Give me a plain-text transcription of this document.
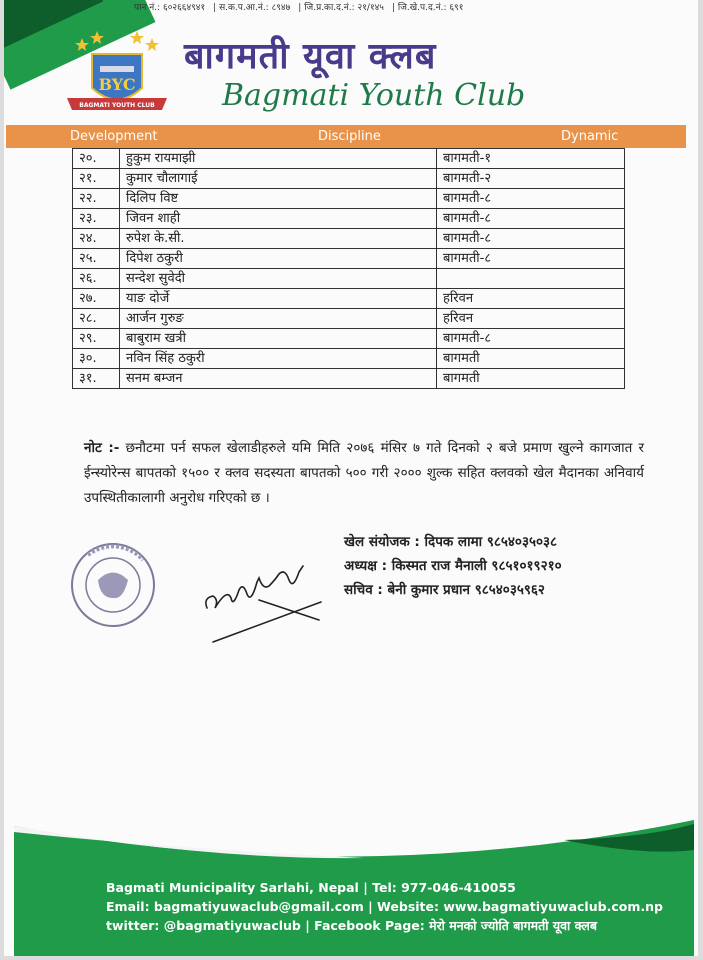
पान नं.: ६०२६६४९४१ | स.क.प.आ.नं.: ८९४७ | जि.प्र.का.द.नं.: २१/१४५ | जि.खे.प.द.नं.: ६९१
BYC
BAGMATI YOUTH CLUB
बागमती यूवा क्लब
Bagmati Youth Club
Development	Discipline	Dynamic
२०.	हुकुम रायमाझी	बागमती-१
२१.	कुमार चौलागाई	बागमती-२
२२.	दिलिप विष्ट	बागमती-८
२३.	जिवन शाही	बागमती-८
२४.	रुपेश के.सी.	बागमती-८
२५.	दिपेश ठकुरी	बागमती-८
२६.	सन्देश सुवेदी	
२७.	याङ दोर्जे	हरिवन
२८.	आर्जन गुरुङ	हरिवन
२९.	बाबुराम खत्री	बागमती-८
३०.	नविन सिंह ठकुरी	बागमती
३१.	सनम बम्जन	बागमती
नोट :- छनौटमा पर्न सफल खेलाडीहरुले यमि मिति २०७६ मंसिर ७ गते दिनको २ बजे प्रमाण खुल्ने कागजात र ईन्स्योरेन्स बापतको १५०० र क्लव सदस्यता बापतको ५०० गरी २००० शुल्क सहित क्लवको खेल मैदानका अनिवार्य उपस्थितीकालागी अनुरोध गरिएको छ ।
खेल संयोजक : दिपक लामा ९८५४०३५०३८
अध्यक्ष : किस्मत राज मैनाली ९८५१०१९२१०
सचिव : बेनी कुमार प्रधान ९८५४०३५९६२
Bagmati Municipality Sarlahi, Nepal | Tel: 977-046-410055
Email: bagmatiyuwaclub@gmail.com | Website: www.bagmatiyuwaclub.com.np
twitter: @bagmatiyuwaclub | Facebook Page: मेरो मनको ज्योति बागमती यूवा क्लब
